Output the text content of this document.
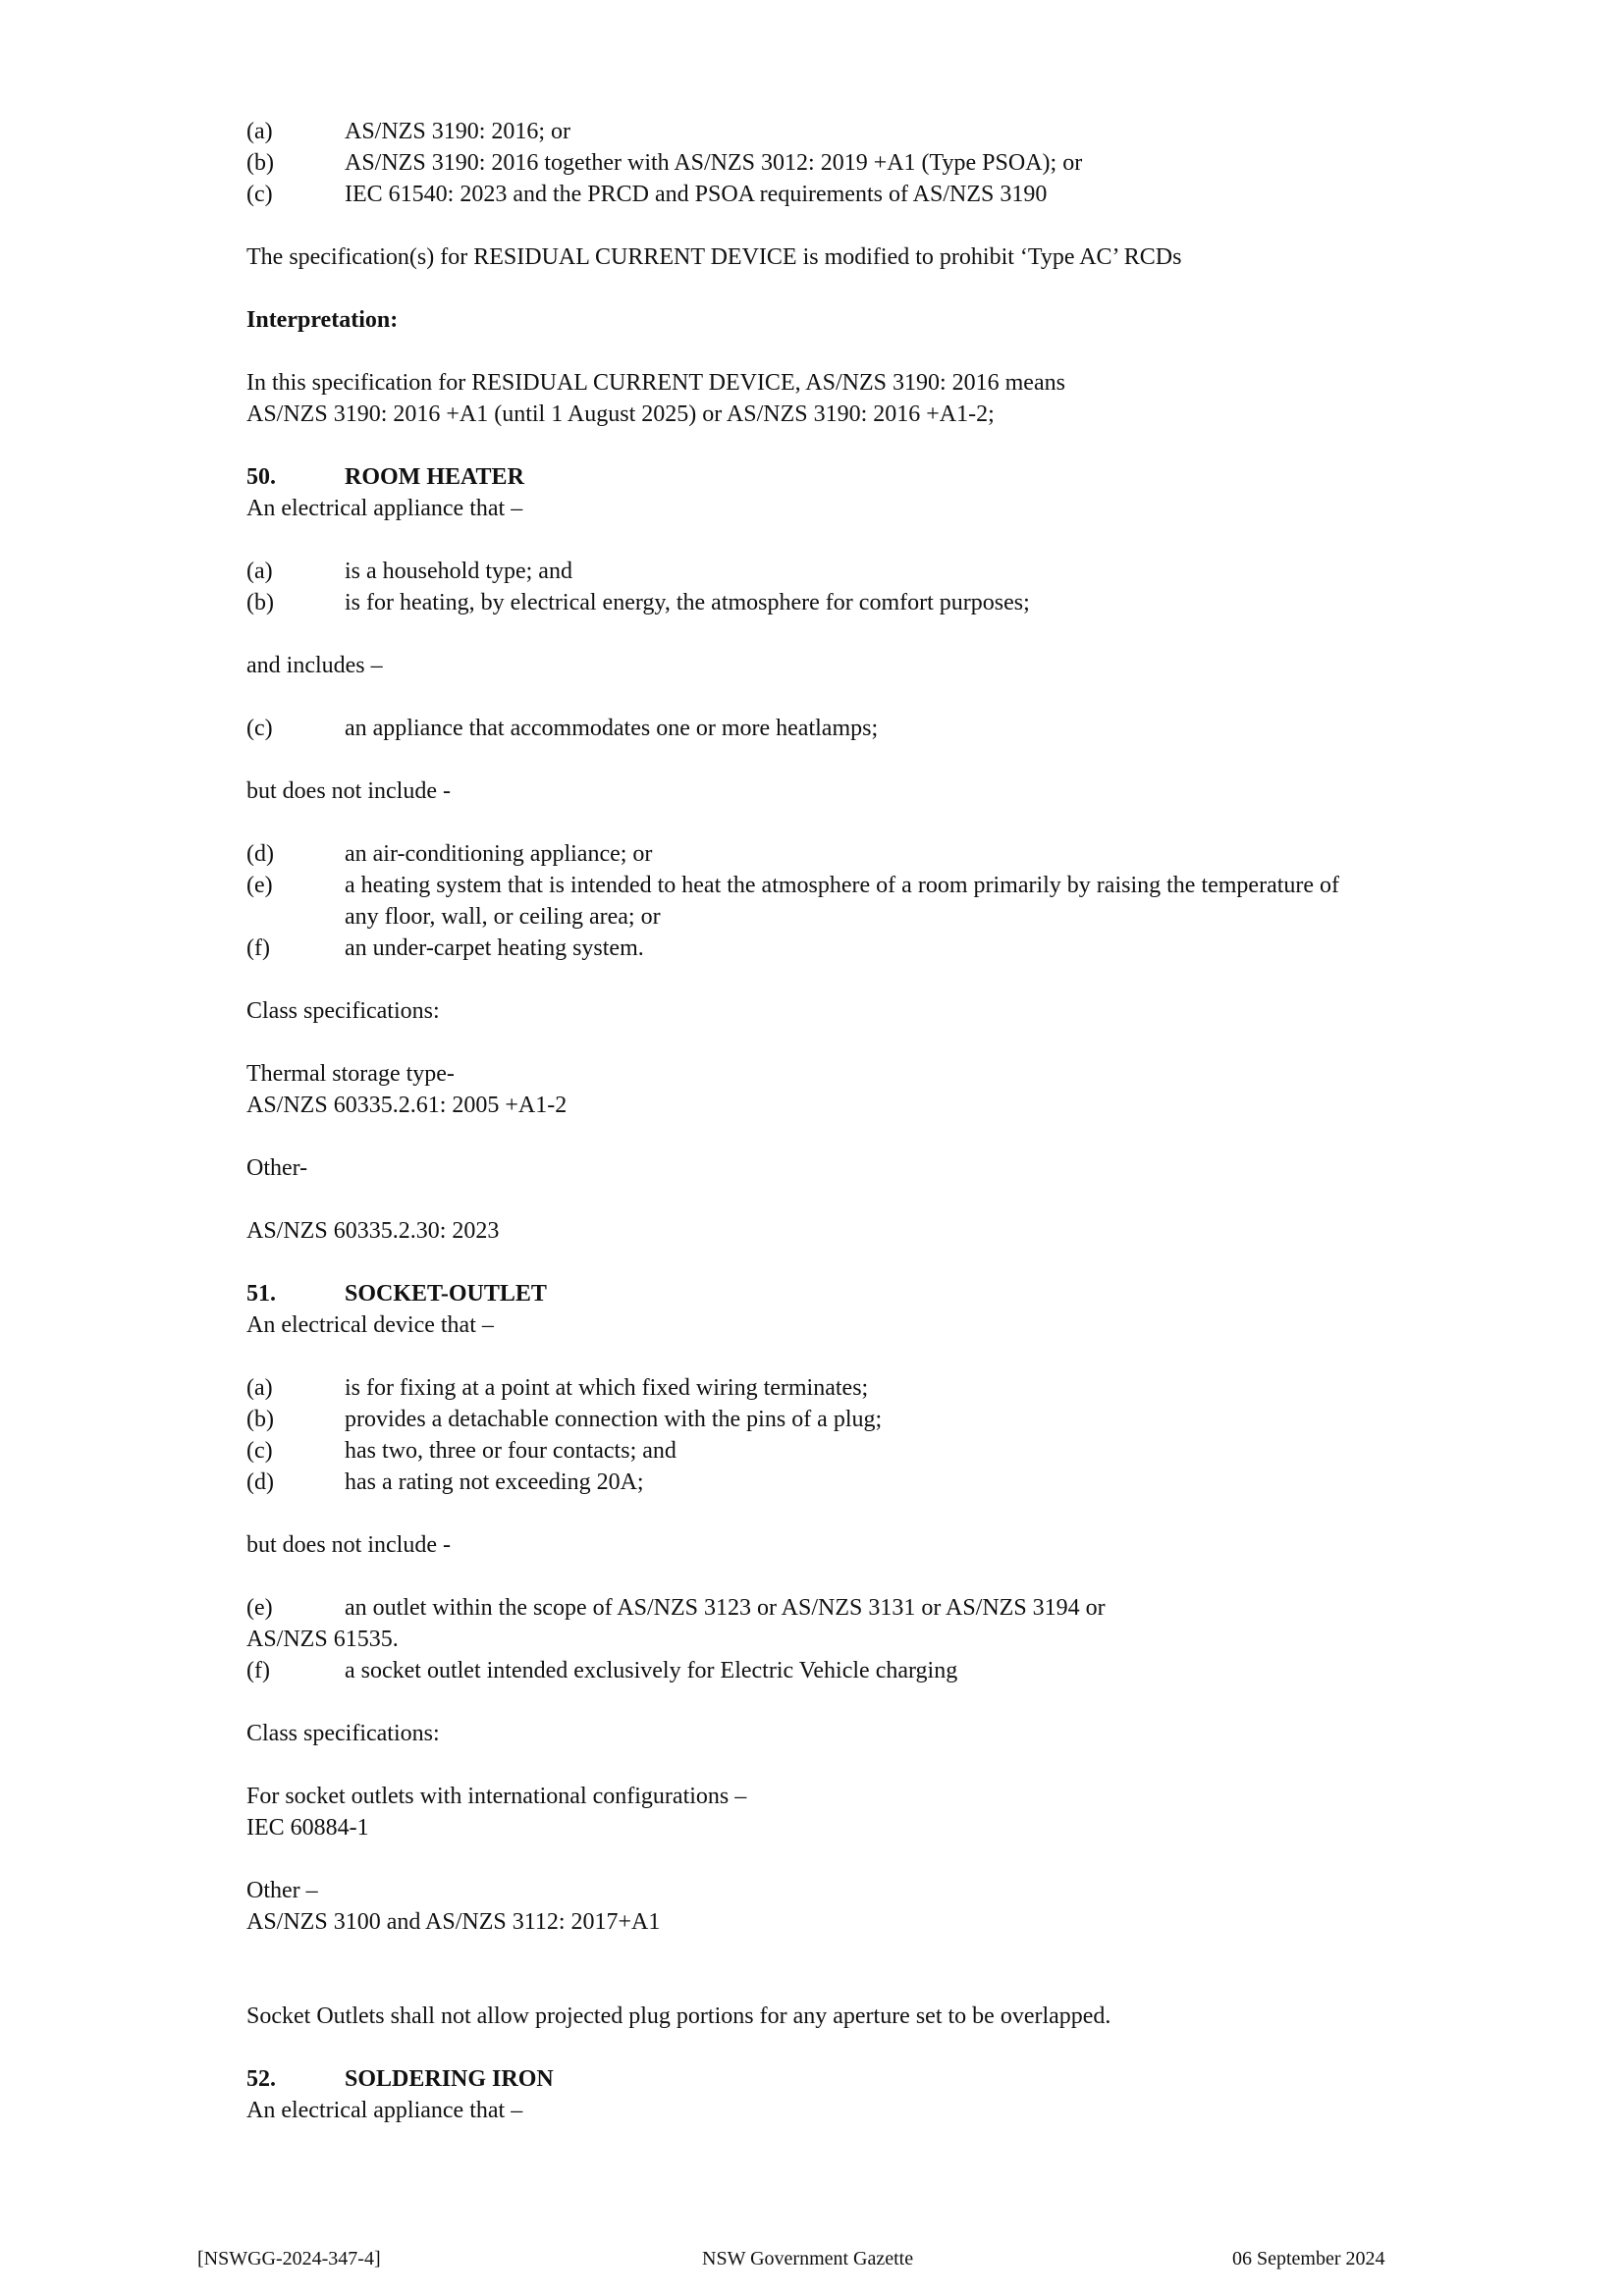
(a)	AS/NZS 3190: 2016; or
(b)	AS/NZS 3190: 2016 together with AS/NZS 3012: 2019 +A1 (Type PSOA); or
(c)	IEC 61540: 2023 and the PRCD and PSOA requirements of AS/NZS 3190

The specification(s) for RESIDUAL CURRENT DEVICE is modified to prohibit ‘Type AC’ RCDs

Interpretation:

In this specification for RESIDUAL CURRENT DEVICE, AS/NZS 3190: 2016 means

AS/NZS 3190: 2016 +A1 (until 1 August 2025) or AS/NZS 3190: 2016 +A1-2;

50.	ROOM HEATER

An electrical appliance that –

(a)	is a household type; and
(b)	is for heating, by electrical energy, the atmosphere for comfort purposes;

and includes –

(c)	an appliance that accommodates one or more heatlamps;

but does not include -

(d)	an air-conditioning appliance; or
(e)	a heating system that is intended to heat the atmosphere of a room primarily by raising the temperature of any floor, wall, or ceiling area; or
(f)	an under-carpet heating system.

Class specifications:

Thermal storage type-

AS/NZS 60335.2.61: 2005 +A1-2

Other-

AS/NZS 60335.2.30: 2023

51.	SOCKET-OUTLET

An electrical device that –

(a)	is for fixing at a point at which fixed wiring terminates;
(b)	provides a detachable connection with the pins of a plug;
(c)	has two, three or four contacts; and
(d)	has a rating not exceeding 20A;

but does not include -

(e)	an outlet within the scope of AS/NZS 3123 or AS/NZS 3131 or AS/NZS 3194 or

AS/NZS 61535.

(f)	a socket outlet intended exclusively for Electric Vehicle charging

Class specifications:

For socket outlets with international configurations –

IEC 60884-1

Other –

AS/NZS 3100 and AS/NZS 3112: 2017+A1

Socket Outlets shall not allow projected plug portions for any aperture set to be overlapped.

52.	SOLDERING IRON

An electrical appliance that –

[NSWGG-2024-347-4]	NSW Government Gazette	06 September 2024
